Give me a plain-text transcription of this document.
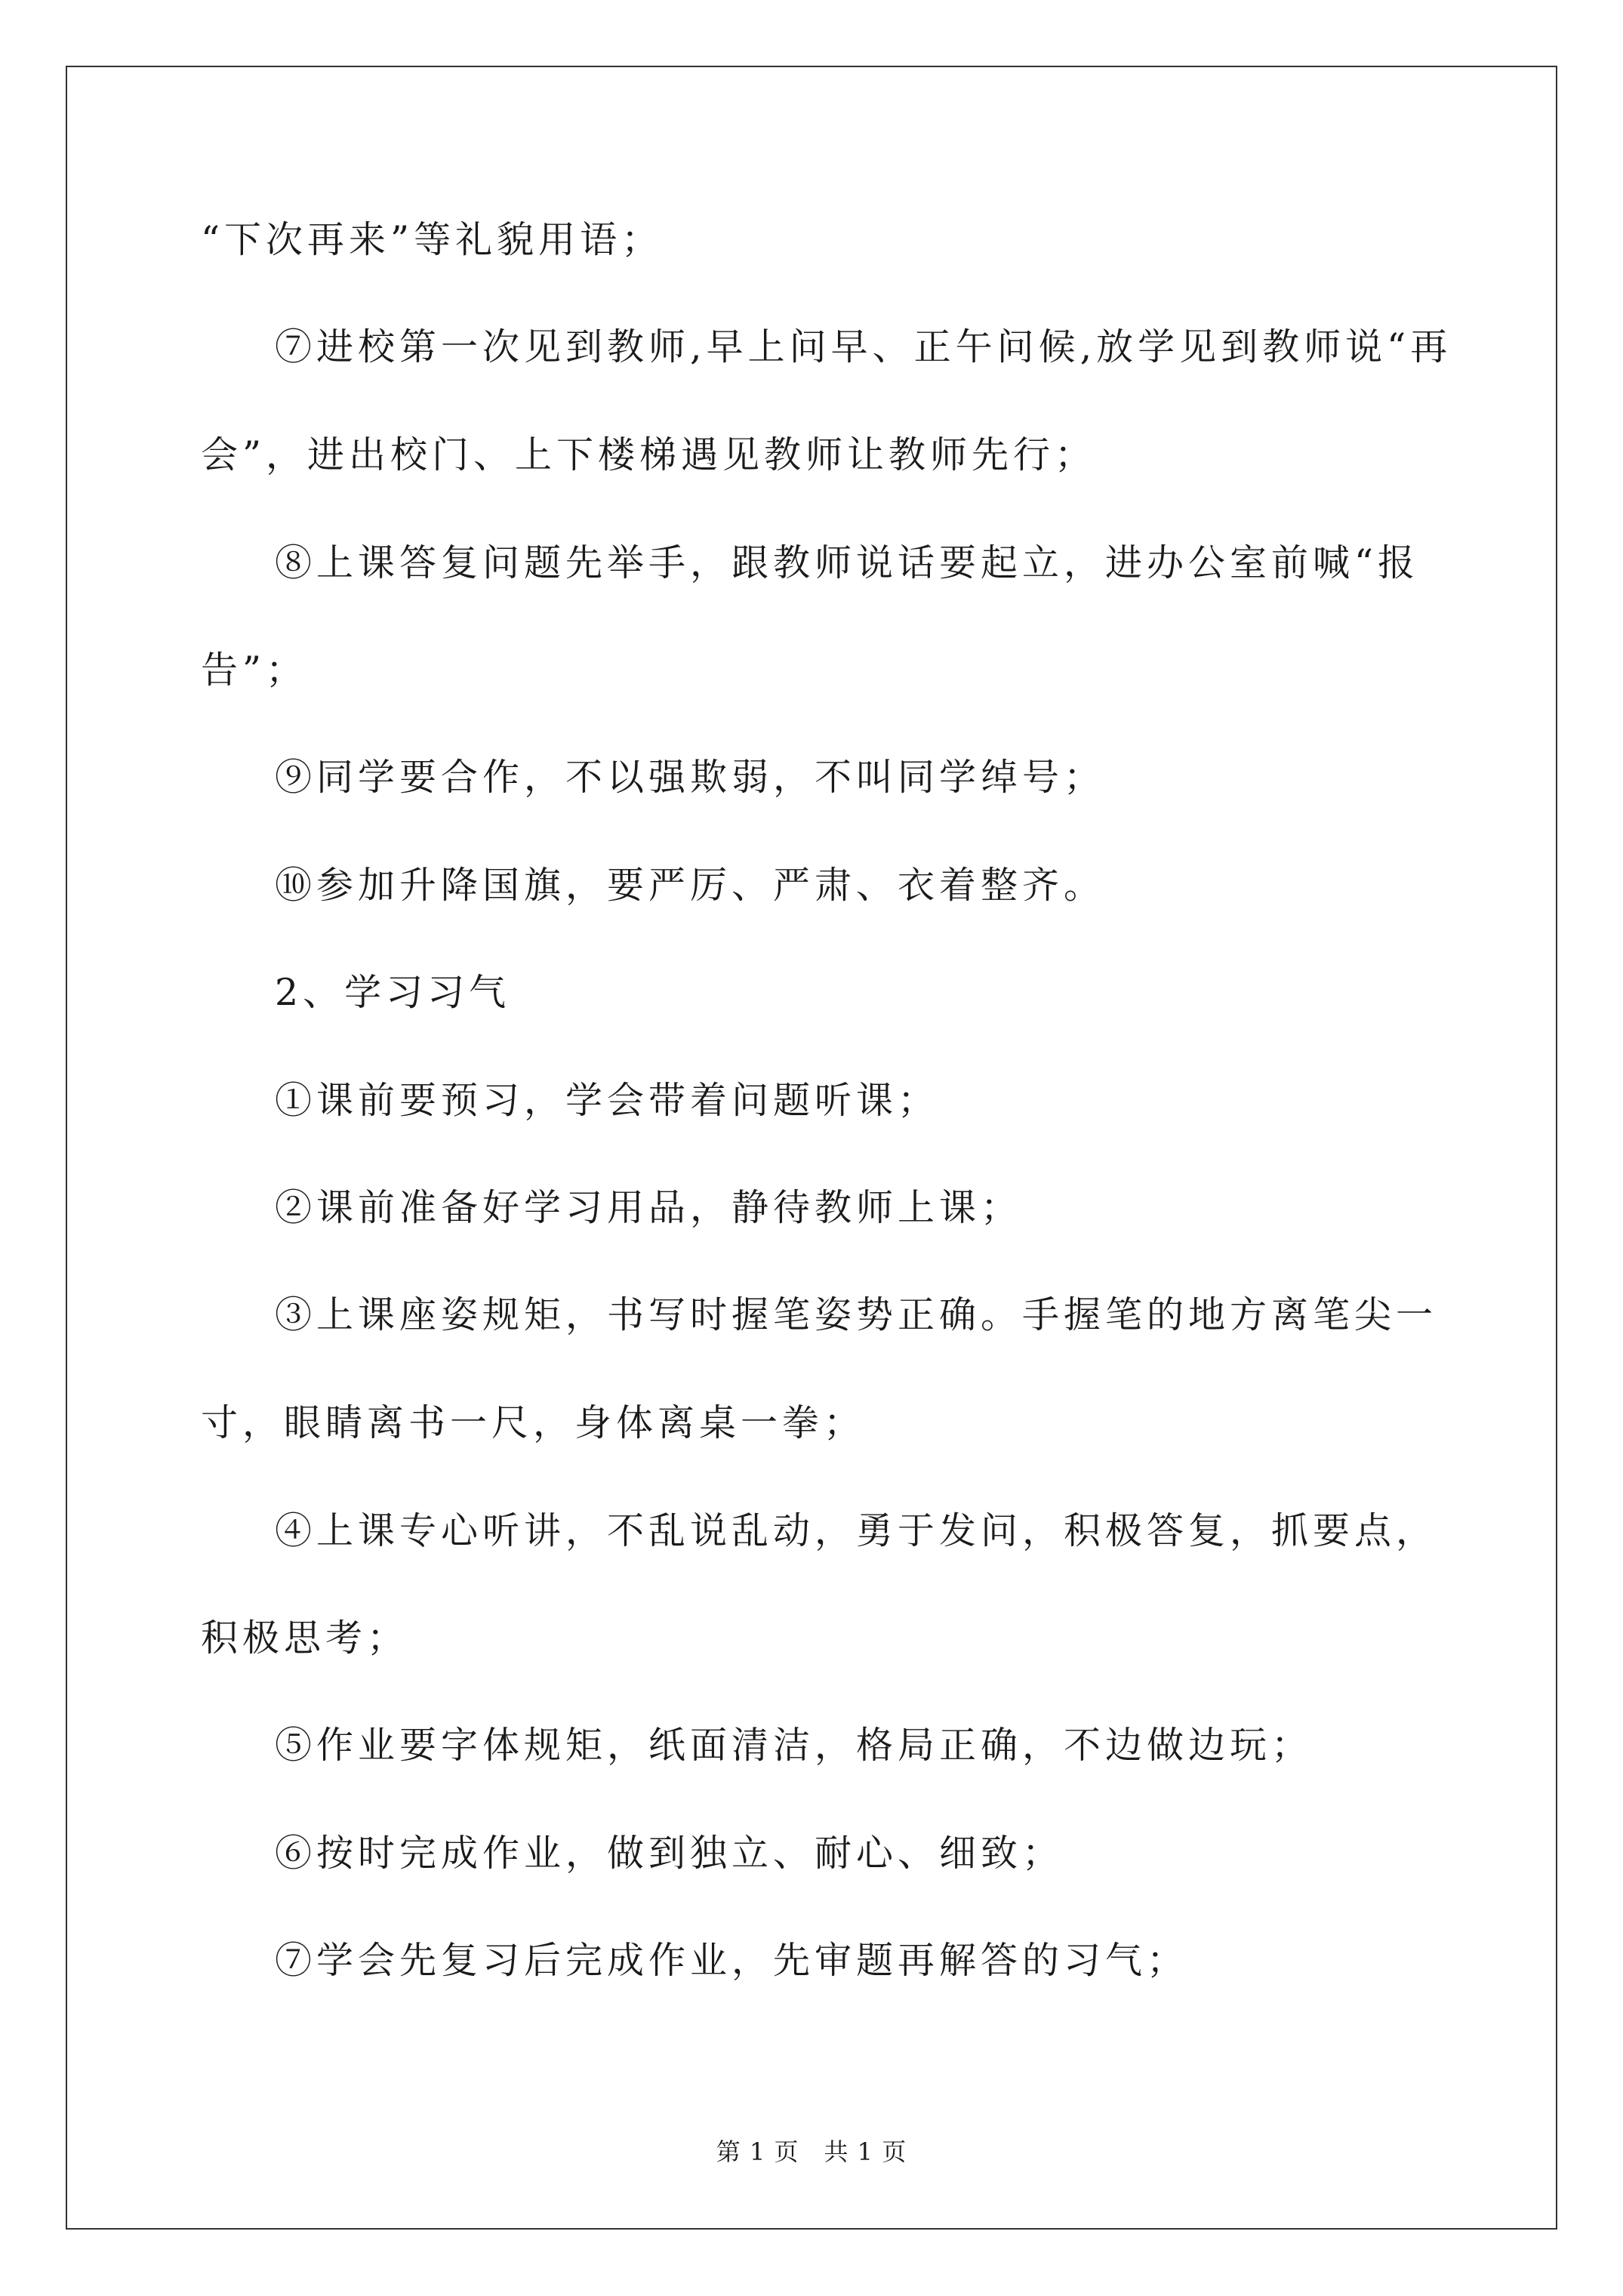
“下次再来”等礼貌用语；
⑦进校第一次见到教师,早上问早、正午问候,放学见到教师说“再
会”，进出校门、上下楼梯遇见教师让教师先行；
⑧上课答复问题先举手，跟教师说话要起立，进办公室前喊“报
告”；
⑨同学要合作，不以强欺弱，不叫同学绰号；
⑩参加升降国旗，要严厉、严肃、衣着整齐。
2、学习习气
①课前要预习，学会带着问题听课；
②课前准备好学习用品，静待教师上课；
③上课座姿规矩，书写时握笔姿势正确。手握笔的地方离笔尖一
寸，眼睛离书一尺，身体离桌一拳；
④上课专心听讲，不乱说乱动，勇于发问，积极答复，抓要点，
积极思考；
⑤作业要字体规矩，纸面清洁，格局正确，不边做边玩；
⑥按时完成作业，做到独立、耐心、细致；
⑦学会先复习后完成作业，先审题再解答的习气；
第 1 页　共 1 页
